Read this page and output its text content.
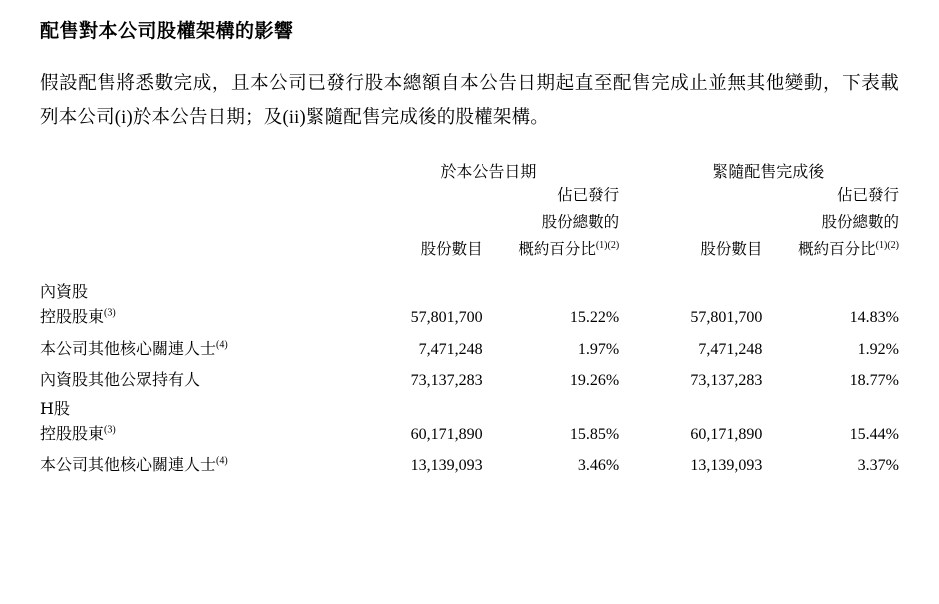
配售對本公司股權架構的影響

假設配售將悉數完成，且本公司已發行股本總額自本公告日期起直至配售完成止並無其他變動，下表載列本公司(i)於本公告日期；及(ii)緊隨配售完成後的股權架構。

	於本公告日期			緊隨配售完成後	
		佔已發行			佔已發行
		股份總數的			股份總數的
	股份數目	概約百分比$^{(1)(2)}$		股份數目	概約百分比$^{(1)(2)}$

內資股					
控股股東$^{(3)}$	57,801,700	15.22%		57,801,700	14.83%
本公司其他核心關連人士$^{(4)}$	7,471,248	1.97%		7,471,248	1.92%
內資股其他公眾持有人	73,137,283	19.26%		73,137,283	18.77%
H股					
控股股東$^{(3)}$	60,171,890	15.85%		60,171,890	15.44%
本公司其他核心關連人士$^{(4)}$	13,139,093	3.46%		13,139,093	3.37%
